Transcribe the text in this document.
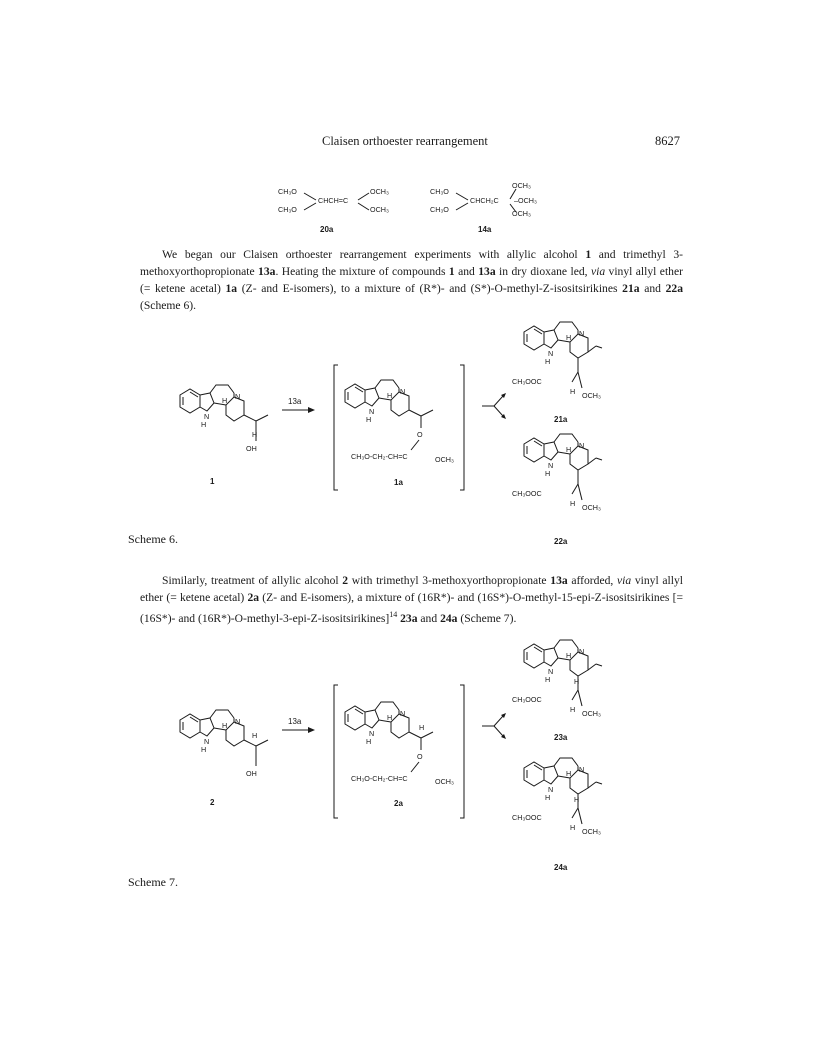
Claisen orthoester rearrangement	8627
CH₃O
CH₃O
CHCH=C
OCH₃
OCH₃
20a
CH₃O
CH₃O
CHCH₂C
OCH₃
–OCH₃
OCH₃
14a

We began our Claisen orthoester rearrangement experiments with allylic alcohol 1 and trimethyl 3-methoxyorthopropionate 13a. Heating the mixture of compounds 1 and 13a in dry dioxane led, via vinyl allyl ether (= ketene acetal) 1a (Z- and E-isomers), to a mixture of (R*)- and (S*)-O-methyl-Z-isositsirikines 21a and 22a (Scheme 6).

N
H
H N
H
OH
1
13a
N
H
H N
O
CH₃O-CH₂-CH=C	OCH₃
1a
N
H
H N
CH₃OOC
H OCH₃
21a
N
H
H N
CH₃OOC
H OCH₃
22a
Scheme 6.

Similarly, treatment of allylic alcohol 2 with trimethyl 3-methoxyorthopropionate 13a afforded, via vinyl allyl ether (= ketene acetal) 2a (Z- and E-isomers), a mixture of (16R*)- and (16S*)-O-methyl-15-epi-Z-isositsirikines [= (16S*)- and (16R*)-O-methyl-3-epi-Z-isositsirikines]$^{14}$ 23a and 24a (Scheme 7).

N
H
H N
H
OH
2
13a
N
H
H N
H
O
CH₃O-CH₂-CH=C	OCH₃
2a
N
H
H N
H
CH₃OOC
H OCH₃
23a
N
H
H N
H
CH₃OOC
H OCH₃
24a
Scheme 7.
